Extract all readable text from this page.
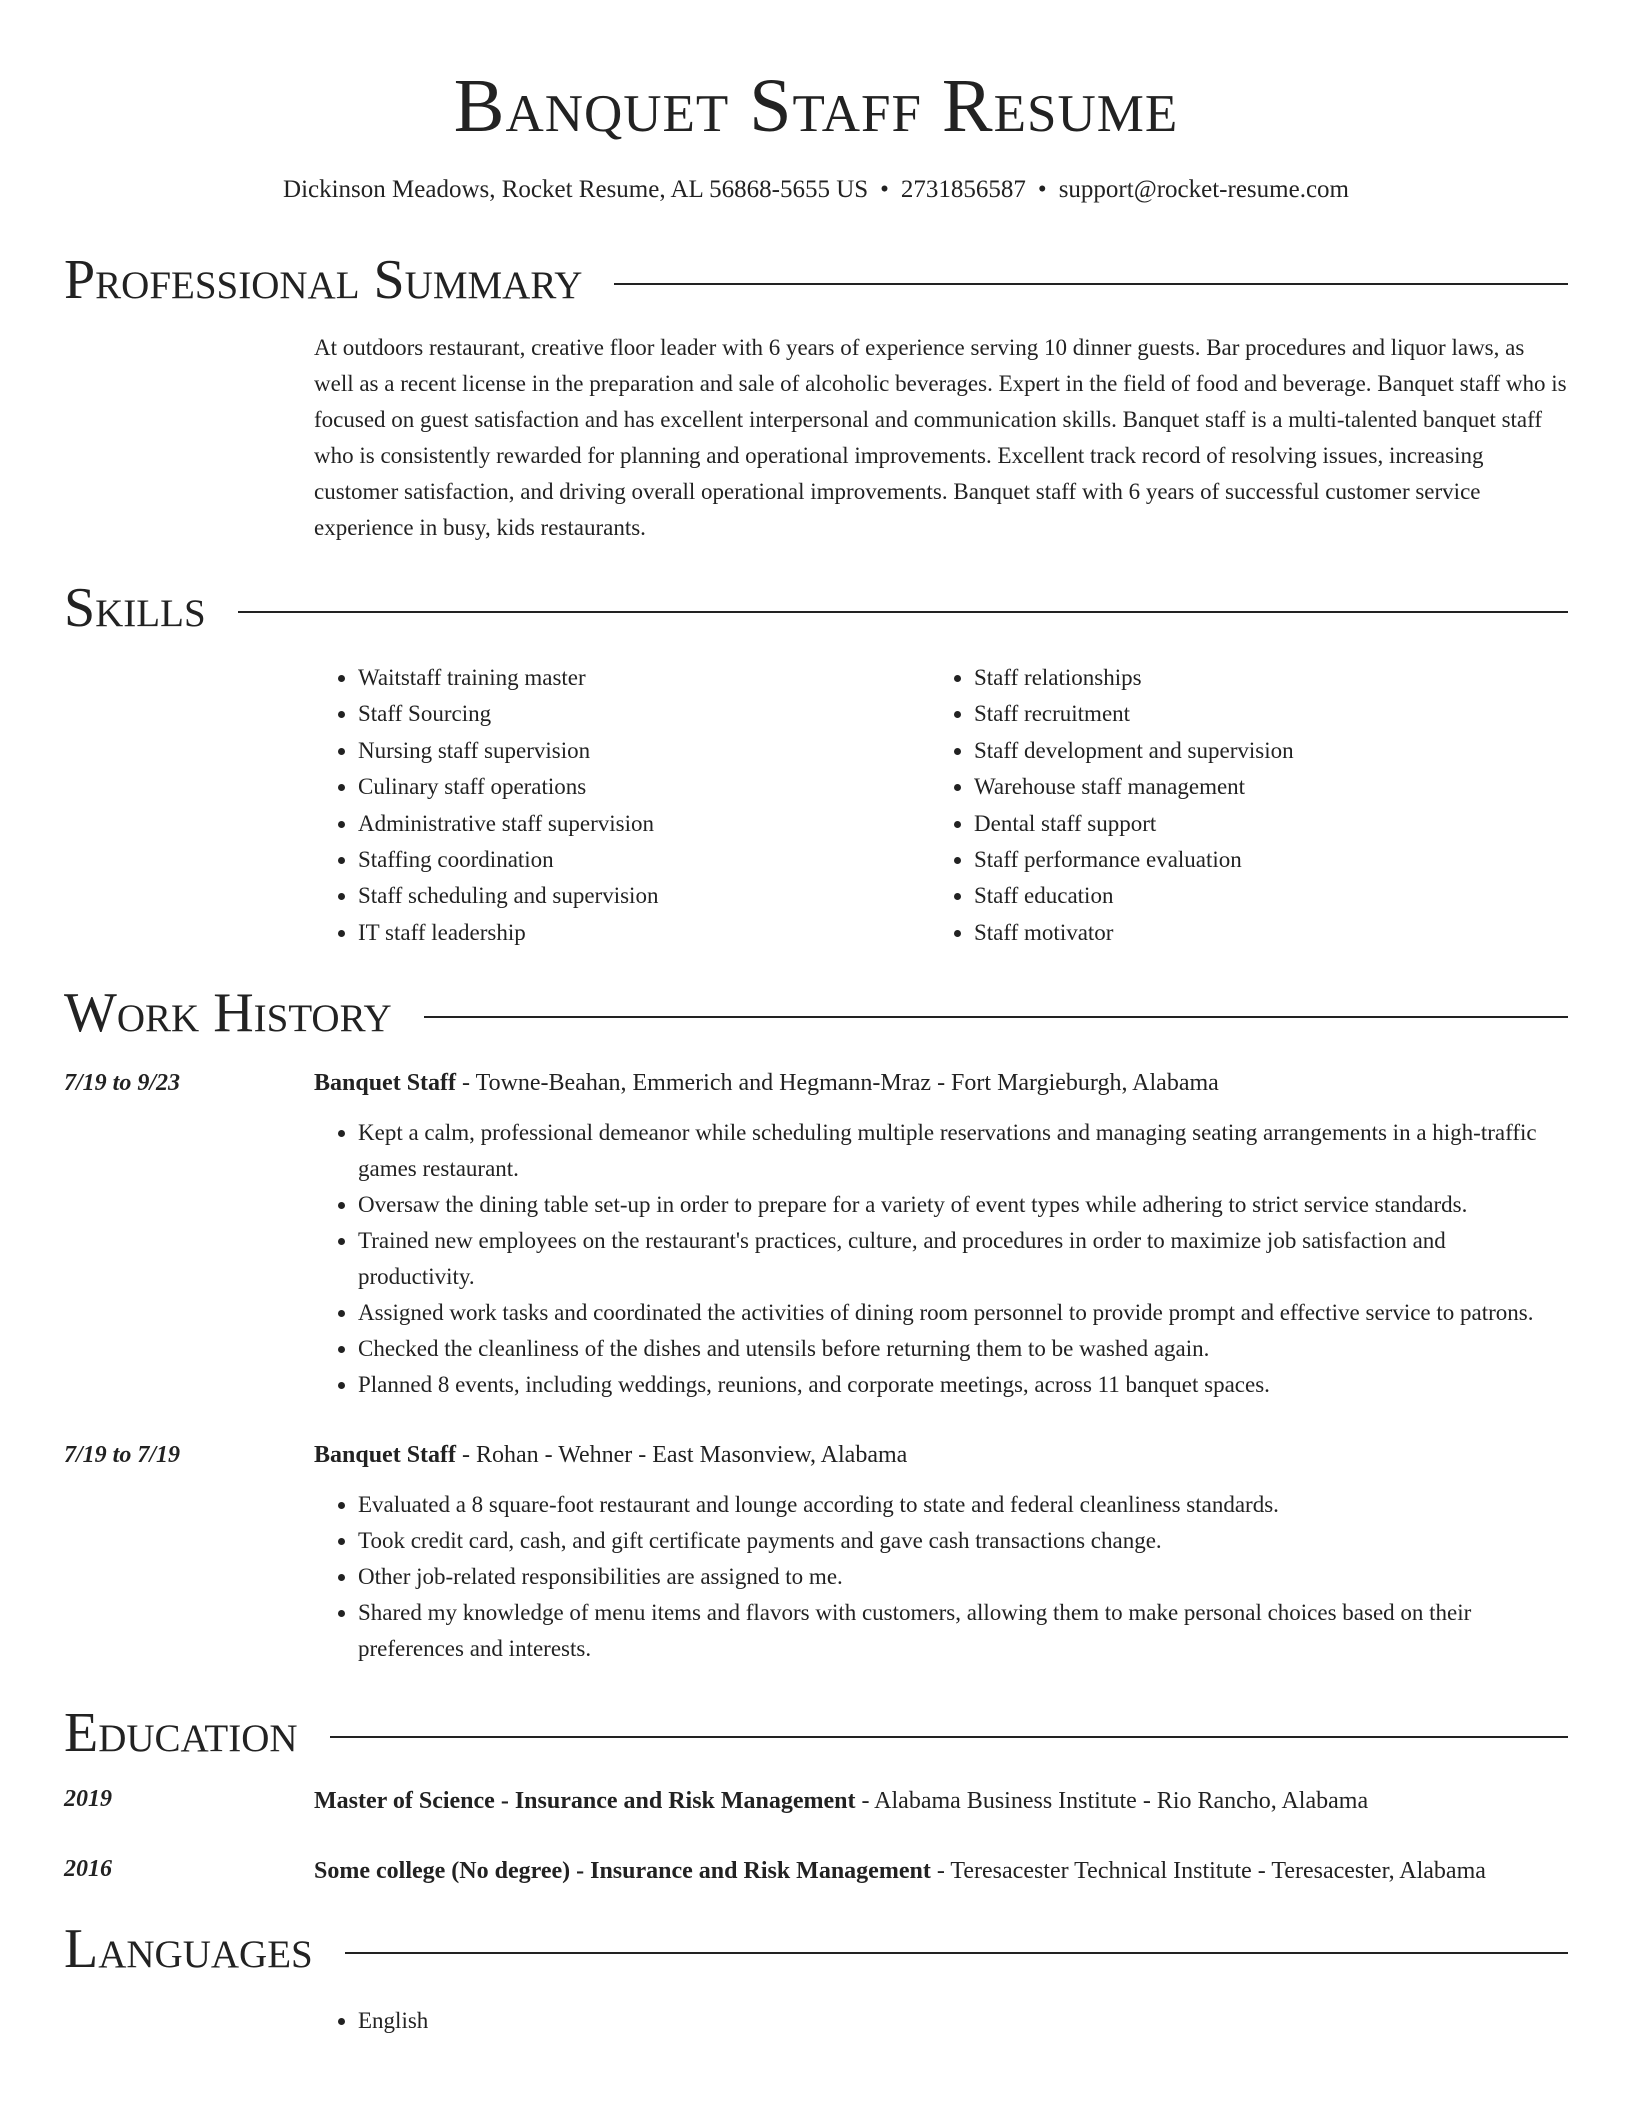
Banquet Staff Resume
Dickinson Meadows, Rocket Resume, AL 56868-5655 US • 2731856587 • support@rocket-resume.com
Professional Summary

At outdoors restaurant, creative floor leader with 6 years of experience serving 10 dinner guests. Bar procedures and liquor laws, as well as a recent license in the preparation and sale of alcoholic beverages. Expert in the field of food and beverage. Banquet staff who is focused on guest satisfaction and has excellent interpersonal and communication skills. Banquet staff is a multi-talented banquet staff who is consistently rewarded for planning and operational improvements. Excellent track record of resolving issues, increasing customer satisfaction, and driving overall operational improvements. Banquet staff with 6 years of successful customer service experience in busy, kids restaurants.

Skills
• Waitstaff training master
• Staff Sourcing
• Nursing staff supervision
• Culinary staff operations
• Administrative staff supervision
• Staffing coordination
• Staff scheduling and supervision
• IT staff leadership
• Staff relationships
• Staff recruitment
• Staff development and supervision
• Warehouse staff management
• Dental staff support
• Staff performance evaluation
• Staff education
• Staff motivator
Work History
7/19 to 9/23	Banquet Staff - Towne-Beahan, Emmerich and Hegmann-Mraz - Fort Margieburgh, Alabama
• Kept a calm, professional demeanor while scheduling multiple reservations and managing seating arrangements in a high-traffic games restaurant.
• Oversaw the dining table set-up in order to prepare for a variety of event types while adhering to strict service standards.
• Trained new employees on the restaurant's practices, culture, and procedures in order to maximize job satisfaction and productivity.
• Assigned work tasks and coordinated the activities of dining room personnel to provide prompt and effective service to patrons.
• Checked the cleanliness of the dishes and utensils before returning them to be washed again.
• Planned 8 events, including weddings, reunions, and corporate meetings, across 11 banquet spaces.
7/19 to 7/19	Banquet Staff - Rohan - Wehner - East Masonview, Alabama
• Evaluated a 8 square-foot restaurant and lounge according to state and federal cleanliness standards.
• Took credit card, cash, and gift certificate payments and gave cash transactions change.
• Other job-related responsibilities are assigned to me.
• Shared my knowledge of menu items and flavors with customers, allowing them to make personal choices based on their preferences and interests.
Education
2019	Master of Science - Insurance and Risk Management - Alabama Business Institute - Rio Rancho, Alabama
2016	Some college (No degree) - Insurance and Risk Management - Teresacester Technical Institute - Teresacester, Alabama
Languages
• English
